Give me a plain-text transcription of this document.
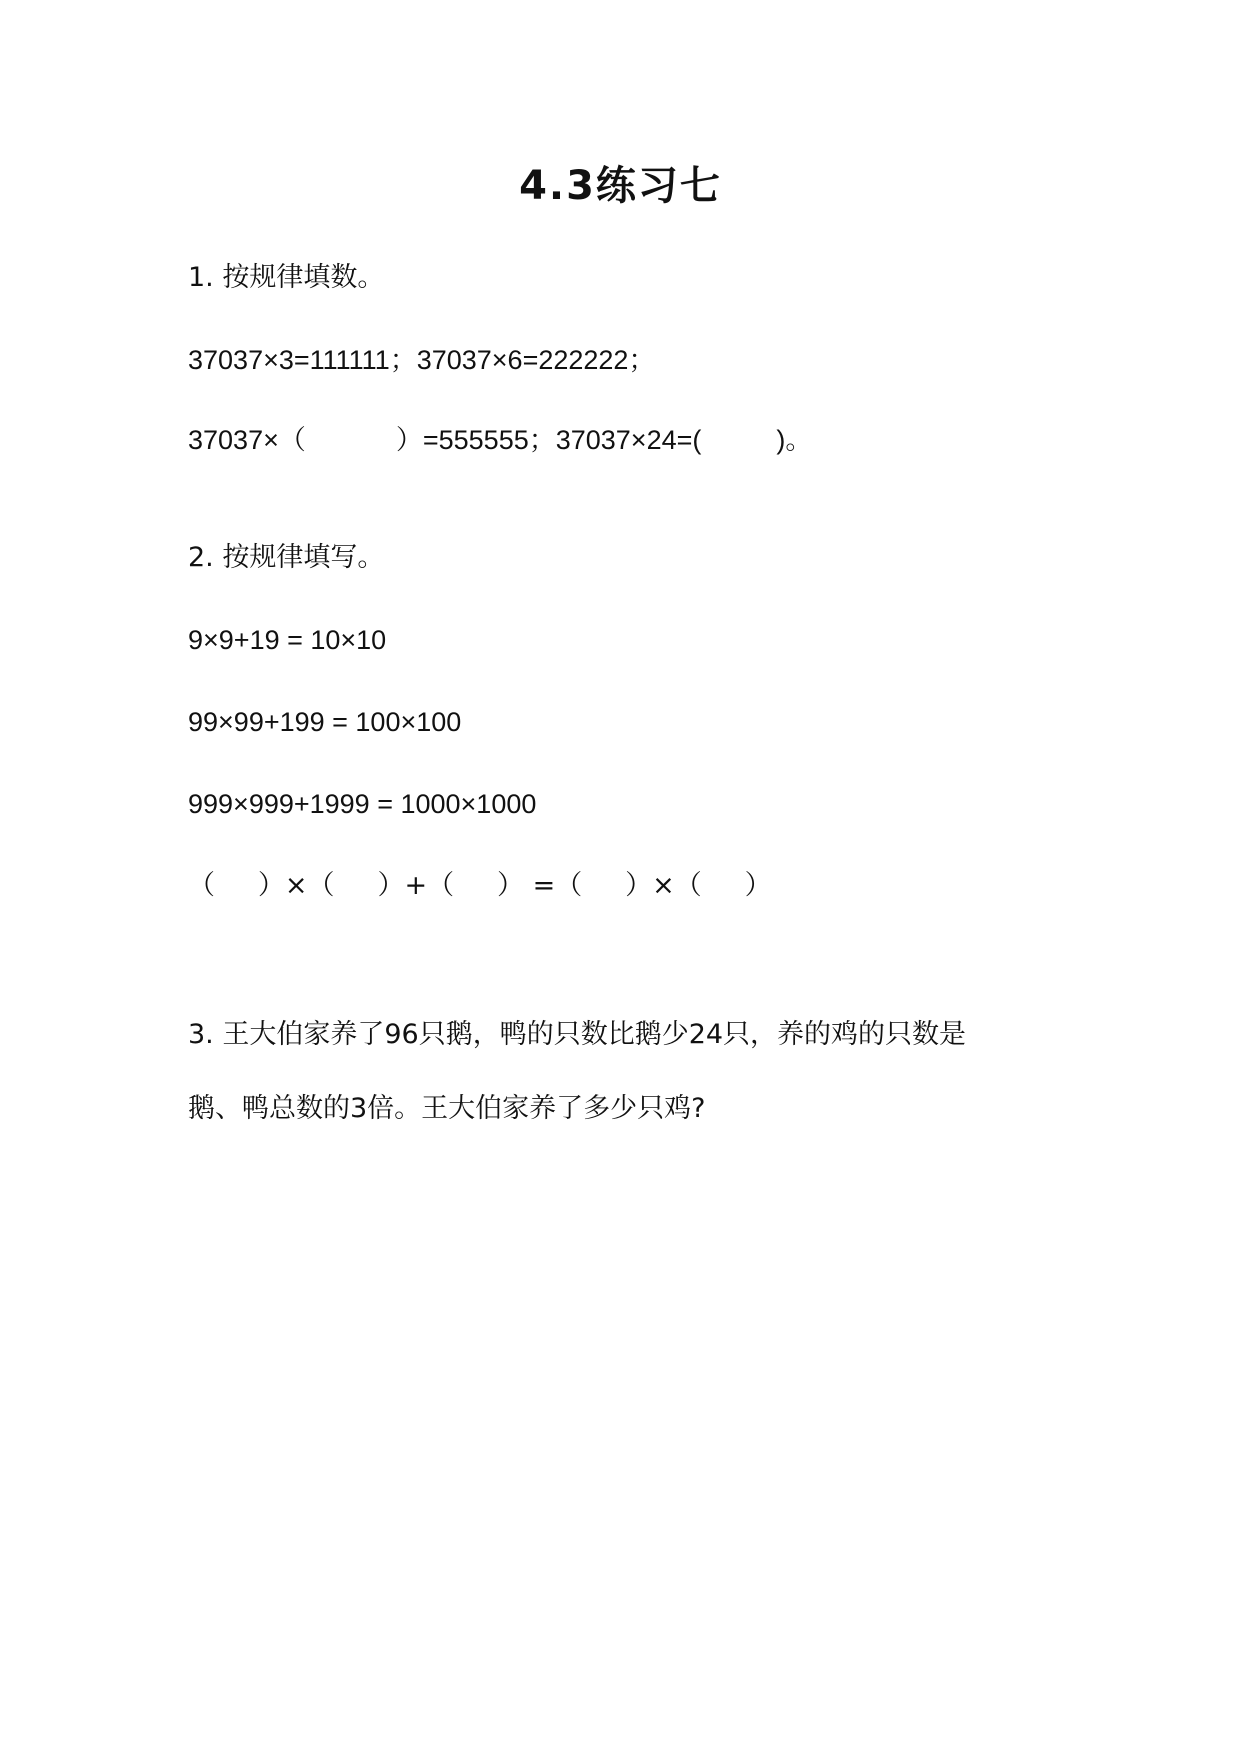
4.3练习七
1. 按规律填数。
37037×3=111111；37037×6=222222；
37037×（            ）=555555；37037×24=(          )。
2. 按规律填写。
9×9+19 = 10×10
99×99+199 = 100×100
999×999+1999 = 1000×1000
（     ）×（     ）+（     ） =（     ）×（     ）
3. 王大伯家养了96只鹅，鸭的只数比鹅少24只，养的鸡的只数是
鹅、鸭总数的3倍。王大伯家养了多少只鸡?
